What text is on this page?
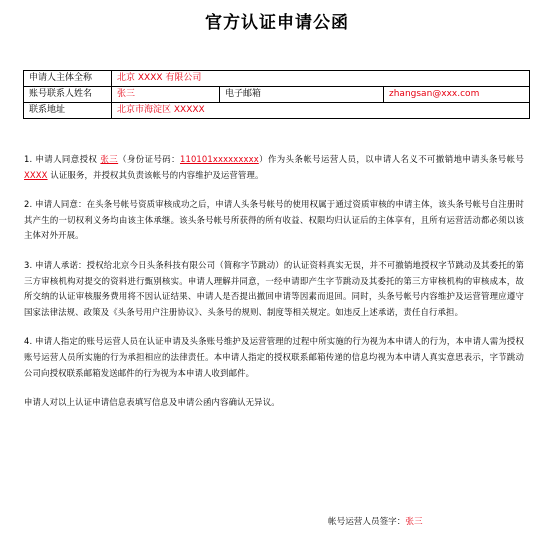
官方认证申请公函
申请人主体全称	北京 XXXX 有限公司		
账号联系人姓名	张三	电子邮箱	zhangsan@xxx.com
联系地址	北京市海淀区 XXXXX		
1. 申请人同意授权 张三（身份证号码：110101xxxxxxxxx）作为头条帐号运营人员，以申请人名义不可撤销地申请头条号帐号 XXXX 认证服务，并授权其负责该帐号的内容维护及运营管理。
2. 申请人同意：在头条号帐号资质审核成功之后，申请人头条号帐号的使用权属于通过资质审核的申请主体，该头条号帐号自注册时其产生的一切权利义务均由该主体承继。该头条号帐号所获得的所有收益、权限均归认证后的主体享有，且所有运营活动都必须以该主体对外开展。
3. 申请人承诺：授权给北京今日头条科技有限公司（简称字节跳动）的认证资料真实无误，并不可撤销地授权字节跳动及其委托的第三方审核机构对提交的资料进行甄别核实。申请人理解并同意，一经申请即产生字节跳动及其委托的第三方审核机构的审核成本，故所交纳的认证审核服务费用将不因认证结果、申请人是否提出撤回申请等因素而退回。同时，头条号帐号内容维护及运营管理应遵守国家法律法规、政策及《头条号用户注册协议》、头条号的规则、制度等相关规定。如违反上述承诺，责任自行承担。
4. 申请人指定的账号运营人员在认证申请及头条账号维护及运营管理的过程中所实施的行为视为本申请人的行为，本申请人需为授权账号运营人员所实施的行为承担相应的法律责任。本申请人指定的授权联系邮箱传递的信息均视为本申请人真实意思表示，字节跳动公司向授权联系邮箱发送邮件的行为视为本申请人收到邮件。
申请人对以上认证申请信息表填写信息及申请公函内容确认无异议。
帐号运营人员签字：张三
